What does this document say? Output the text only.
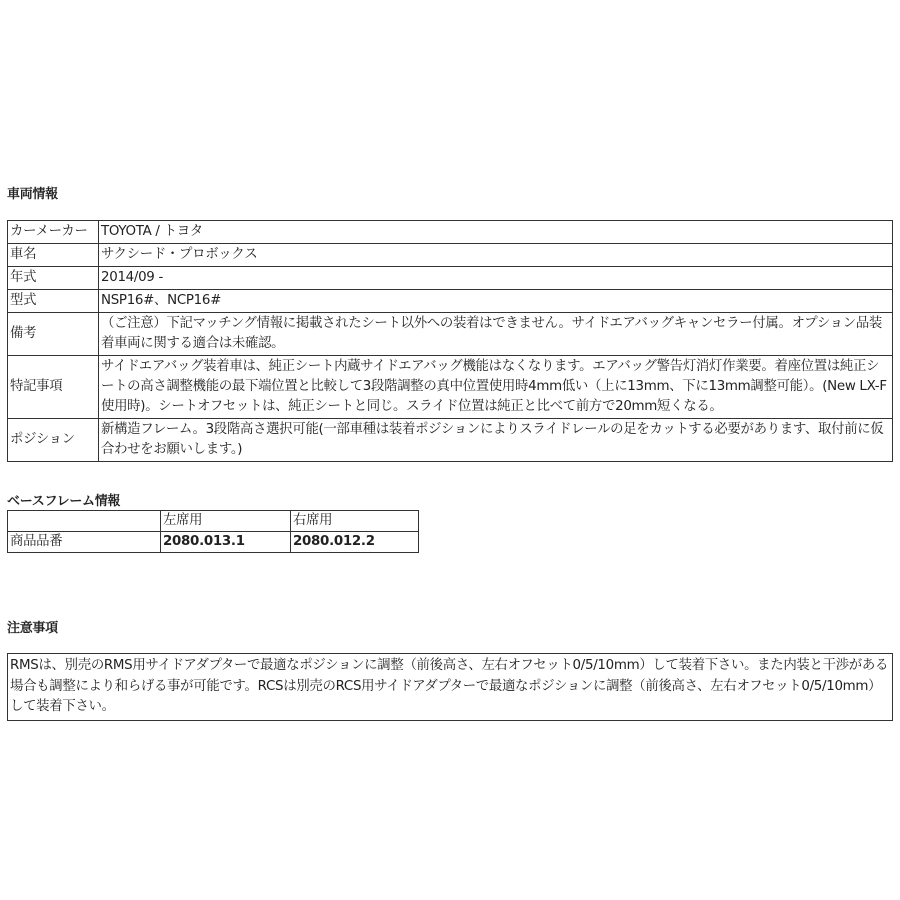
車両情報
カーメーカー	TOYOTA / トヨタ
車名	サクシード・プロボックス
年式	2014/09 -
型式	NSP16#、NCP16#
備考	（ご注意）下記マッチング情報に掲載されたシート以外への装着はできません。サイドエアバッグキャンセラー付属。オプション品装着車両に関する適合は未確認。
特記事項	サイドエアバッグ装着車は、純正シート内蔵サイドエアバッグ機能はなくなります。エアバッグ警告灯消灯作業要。着座位置は純正シートの高さ調整機能の最下端位置と比較して3段階調整の真中位置使用時4mm低い（上に13mm、下に13mm調整可能）。(New LX-F使用時)。シートオフセットは、純正シートと同じ。スライド位置は純正と比べて前方で20mm短くなる。
ポジション	新構造フレーム。3段階高さ選択可能(一部車種は装着ポジションによりスライドレールの足をカットする必要があります、取付前に仮合わせをお願いします。)
ベースフレーム情報
	左席用	右席用
商品品番	2080.013.1	2080.012.2
注意事項
RMSは、別売のRMS用サイドアダプターで最適なポジションに調整（前後高さ、左右オフセット0/5/10mm）して装着下さい。また内装と干渉がある場合も調整により和らげる事が可能です。RCSは別売のRCS用サイドアダプターで最適なポジションに調整（前後高さ、左右オフセット0/5/10mm）して装着下さい。
